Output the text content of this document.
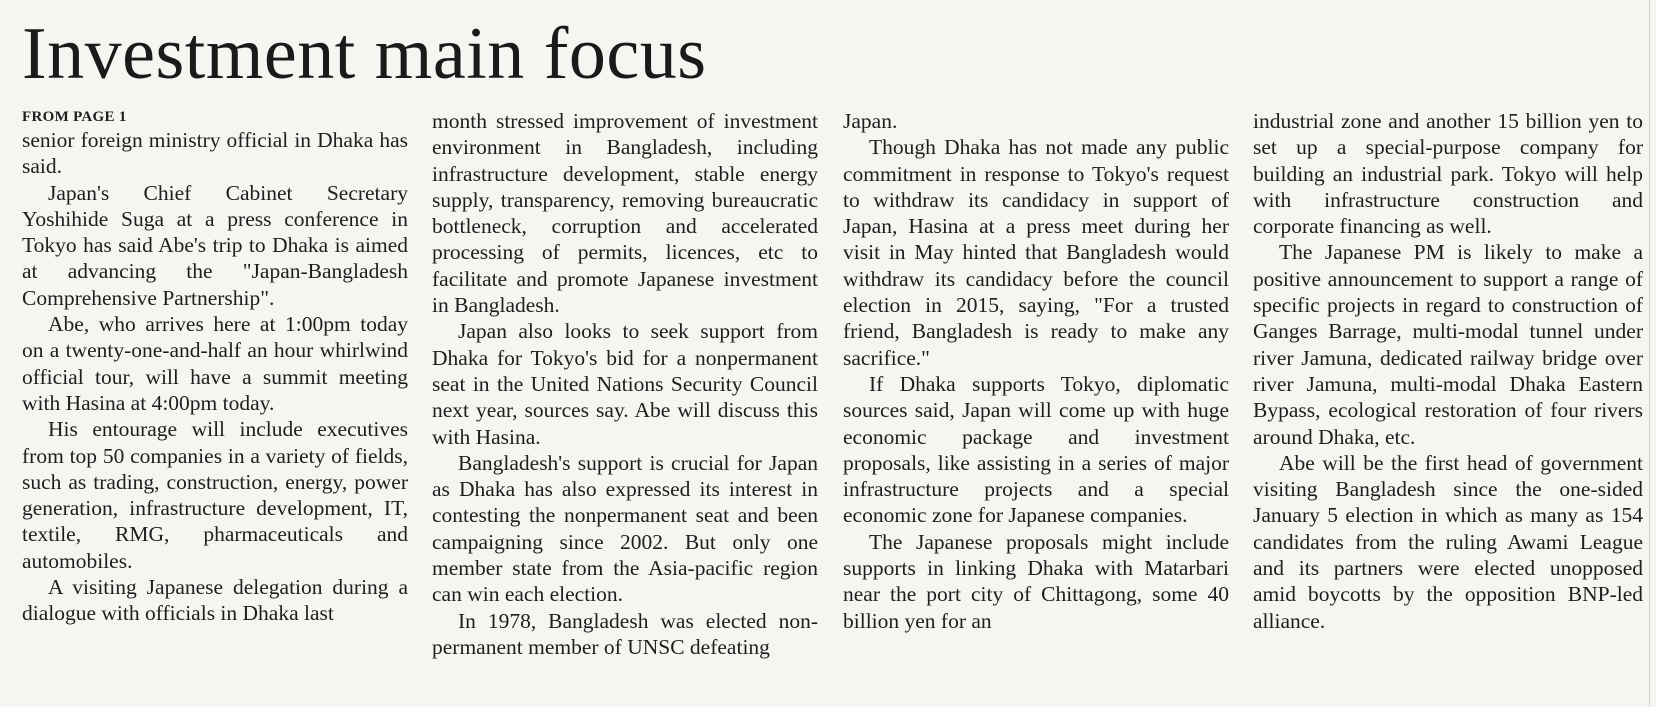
Investment main focus
FROM PAGE 1

senior foreign ministry official in Dhaka has said.

Japan's Chief Cabinet Secretary Yoshihide Suga at a press conference in Tokyo has said Abe's trip to Dhaka is aimed at advancing the "Japan-Bangladesh Comprehensive Partnership".

Abe, who arrives here at 1:00pm today on a twenty-one-and-half an hour whirlwind official tour, will have a summit meeting with Hasina at 4:00pm today.

His entourage will include executives from top 50 companies in a variety of fields, such as trading, construction, energy, power generation, infrastructure development, IT, textile, RMG, pharmaceuticals and automobiles.

A visiting Japanese delegation during a dialogue with officials in Dhaka last

month stressed improvement of investment environment in Bangladesh, including infrastructure development, stable energy supply, transparency, removing bureaucratic bottleneck, corruption and accelerated processing of permits, licences, etc to facilitate and promote Japanese investment in Bangladesh.

Japan also looks to seek support from Dhaka for Tokyo's bid for a nonpermanent seat in the United Nations Security Council next year, sources say. Abe will discuss this with Hasina.

Bangladesh's support is crucial for Japan as Dhaka has also expressed its interest in contesting the nonpermanent seat and been campaigning since 2002. But only one member state from the Asia-pacific region can win each election.

In 1978, Bangladesh was elected non-permanent member of UNSC defeating

Japan.

Though Dhaka has not made any public commitment in response to Tokyo's request to withdraw its candidacy in support of Japan, Hasina at a press meet during her visit in May hinted that Bangladesh would withdraw its candidacy before the council election in 2015, saying, "For a trusted friend, Bangladesh is ready to make any sacrifice."

If Dhaka supports Tokyo, diplomatic sources said, Japan will come up with huge economic package and investment proposals, like assisting in a series of major infrastructure projects and a special economic zone for Japanese companies.

The Japanese proposals might include supports in linking Dhaka with Matarbari near the port city of Chittagong, some 40 billion yen for an

industrial zone and another 15 billion yen to set up a special-purpose company for building an industrial park. Tokyo will help with infrastructure construction and corporate financing as well.

The Japanese PM is likely to make a positive announcement to support a range of specific projects in regard to construction of Ganges Barrage, multi-modal tunnel under river Jamuna, dedicated railway bridge over river Jamuna, multi-modal Dhaka Eastern Bypass, ecological restoration of four rivers around Dhaka, etc.

Abe will be the first head of government visiting Bangladesh since the one-sided January 5 election in which as many as 154 candidates from the ruling Awami League and its partners were elected unopposed amid boycotts by the opposition BNP-led alliance.
